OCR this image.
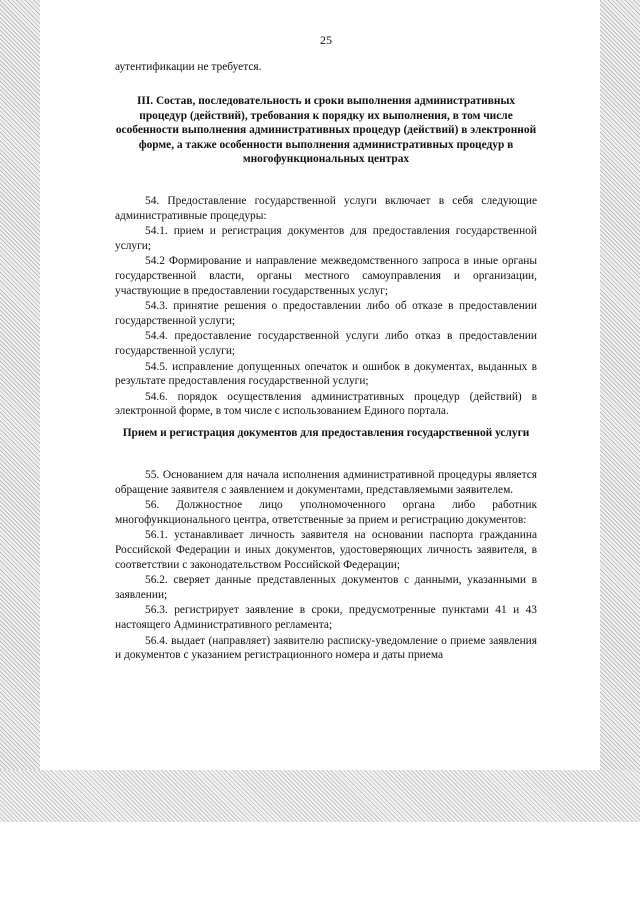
25

аутентификации не требуется.

III. Состав, последовательность и сроки выполнения административных процедур (действий), требования к порядку их выполнения, в том числе особенности выполнения административных процедур (действий) в электронной форме, а также особенности выполнения административных процедур в многофункциональных центрах

54. Предоставление государственной услуги включает в себя следующие административные процедуры:

54.1. прием и регистрация документов для предоставления государственной услуги;

54.2 Формирование и направление межведомственного запроса в иные органы государственной власти, органы местного самоуправления и организации, участвующие в предоставлении государственных услуг;

54.3. принятие решения о предоставлении либо об отказе в предоставлении государственной услуги;

54.4. предоставление государственной услуги либо отказ в предоставлении государственной услуги;

54.5. исправление допущенных опечаток и ошибок в документах, выданных в результате предоставления государственной услуги;

54.6. порядок осуществления административных процедур (действий) в электронной форме, в том числе с использованием Единого портала.

Прием и регистрация документов для предоставления государственной услуги

55. Основанием для начала исполнения административной процедуры является обращение заявителя с заявлением и документами, представляемыми заявителем.

56. Должностное лицо уполномоченного органа либо работник многофункционального центра, ответственные за прием и регистрацию документов:

56.1. устанавливает личность заявителя на основании паспорта гражданина Российской Федерации и иных документов, удостоверяющих личность заявителя, в соответствии с законодательством Российской Федерации;

56.2. сверяет данные представленных документов с данными, указанными в заявлении;

56.3. регистрирует заявление в сроки, предусмотренные пунктами 41 и 43 настоящего Административного регламента;

56.4. выдает (направляет) заявителю расписку-уведомление о приеме заявления и документов с указанием регистрационного номера и даты приема
